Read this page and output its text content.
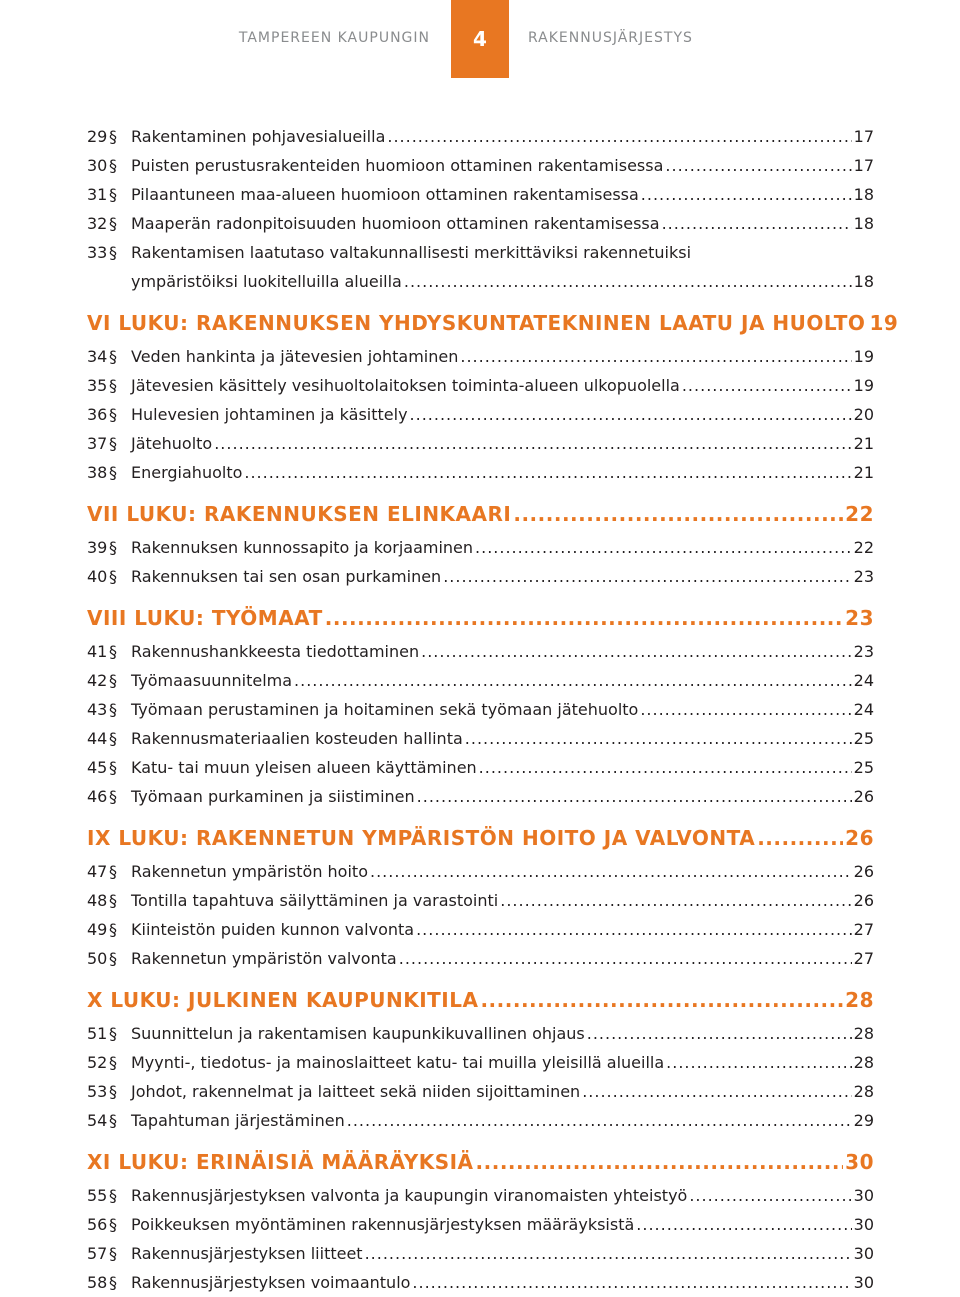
TAMPEREEN KAUPUNGIN	4	RAKENNUSJÄRJESTYS
29 § Rakentaminen pohjavesialueilla .....	17
30 § Puisten perustusrakenteiden huomioon ottaminen rakentamisessa .....	17
31 § Pilaantuneen maa-alueen huomioon ottaminen rakentamisessa .....	18
32 § Maaperän radonpitoisuuden huomioon ottaminen rakentamisessa .....	18
33 § Rakentamisen laatutaso valtakunnallisesti merkittäviksi rakennetuiksi
ympäristöiksi luokitelluilla alueilla .....	18
VI LUKU: RAKENNUKSEN YHDYSKUNTATEKNINEN LAATU JA HUOLTO 19
34 § Veden hankinta ja jätevesien johtaminen .....	19
35 § Jätevesien käsittely vesihuoltolaitoksen toiminta-alueen ulkopuolella .....	19
36 § Hulevesien johtaminen ja käsittely .....	20
37 § Jätehuolto .....	21
38 § Energiahuolto .....	21
VII LUKU: RAKENNUKSEN ELINKAARI .....	22
39 § Rakennuksen kunnossapito ja korjaaminen .....	22
40 § Rakennuksen tai sen osan purkaminen .....	23
VIII LUKU: TYÖMAAT .....	23
41 § Rakennushankkeesta tiedottaminen .....	23
42 § Työmaasuunnitelma .....	24
43 § Työmaan perustaminen ja hoitaminen sekä työmaan jätehuolto .....	24
44 § Rakennusmateriaalien kosteuden hallinta .....	25
45 § Katu- tai muun yleisen alueen käyttäminen .....	25
46 § Työmaan purkaminen ja siistiminen .....	26
IX LUKU: RAKENNETUN YMPÄRISTÖN HOITO JA VALVONTA .....	26
47 § Rakennetun ympäristön hoito .....	26
48 § Tontilla tapahtuva säilyttäminen ja varastointi .....	26
49 § Kiinteistön puiden kunnon valvonta .....	27
50 § Rakennetun ympäristön valvonta .....	27
X LUKU: JULKINEN KAUPUNKITILA .....	28
51 § Suunnittelun ja rakentamisen kaupunkikuvallinen ohjaus .....	28
52 § Myynti-, tiedotus- ja mainoslaitteet katu- tai muilla yleisillä alueilla .....	28
53 § Johdot, rakennelmat ja laitteet sekä niiden sijoittaminen .....	28
54 § Tapahtuman järjestäminen .....	29
XI LUKU: ERINÄISIÄ MÄÄRÄYKSIÄ .....	30
55 § Rakennusjärjestyksen valvonta ja kaupungin viranomaisten yhteistyö .....	30
56 § Poikkeuksen myöntäminen rakennusjärjestyksen määräyksistä .....	30
57 § Rakennusjärjestyksen liitteet .....	30
58 § Rakennusjärjestyksen voimaantulo .....	30
